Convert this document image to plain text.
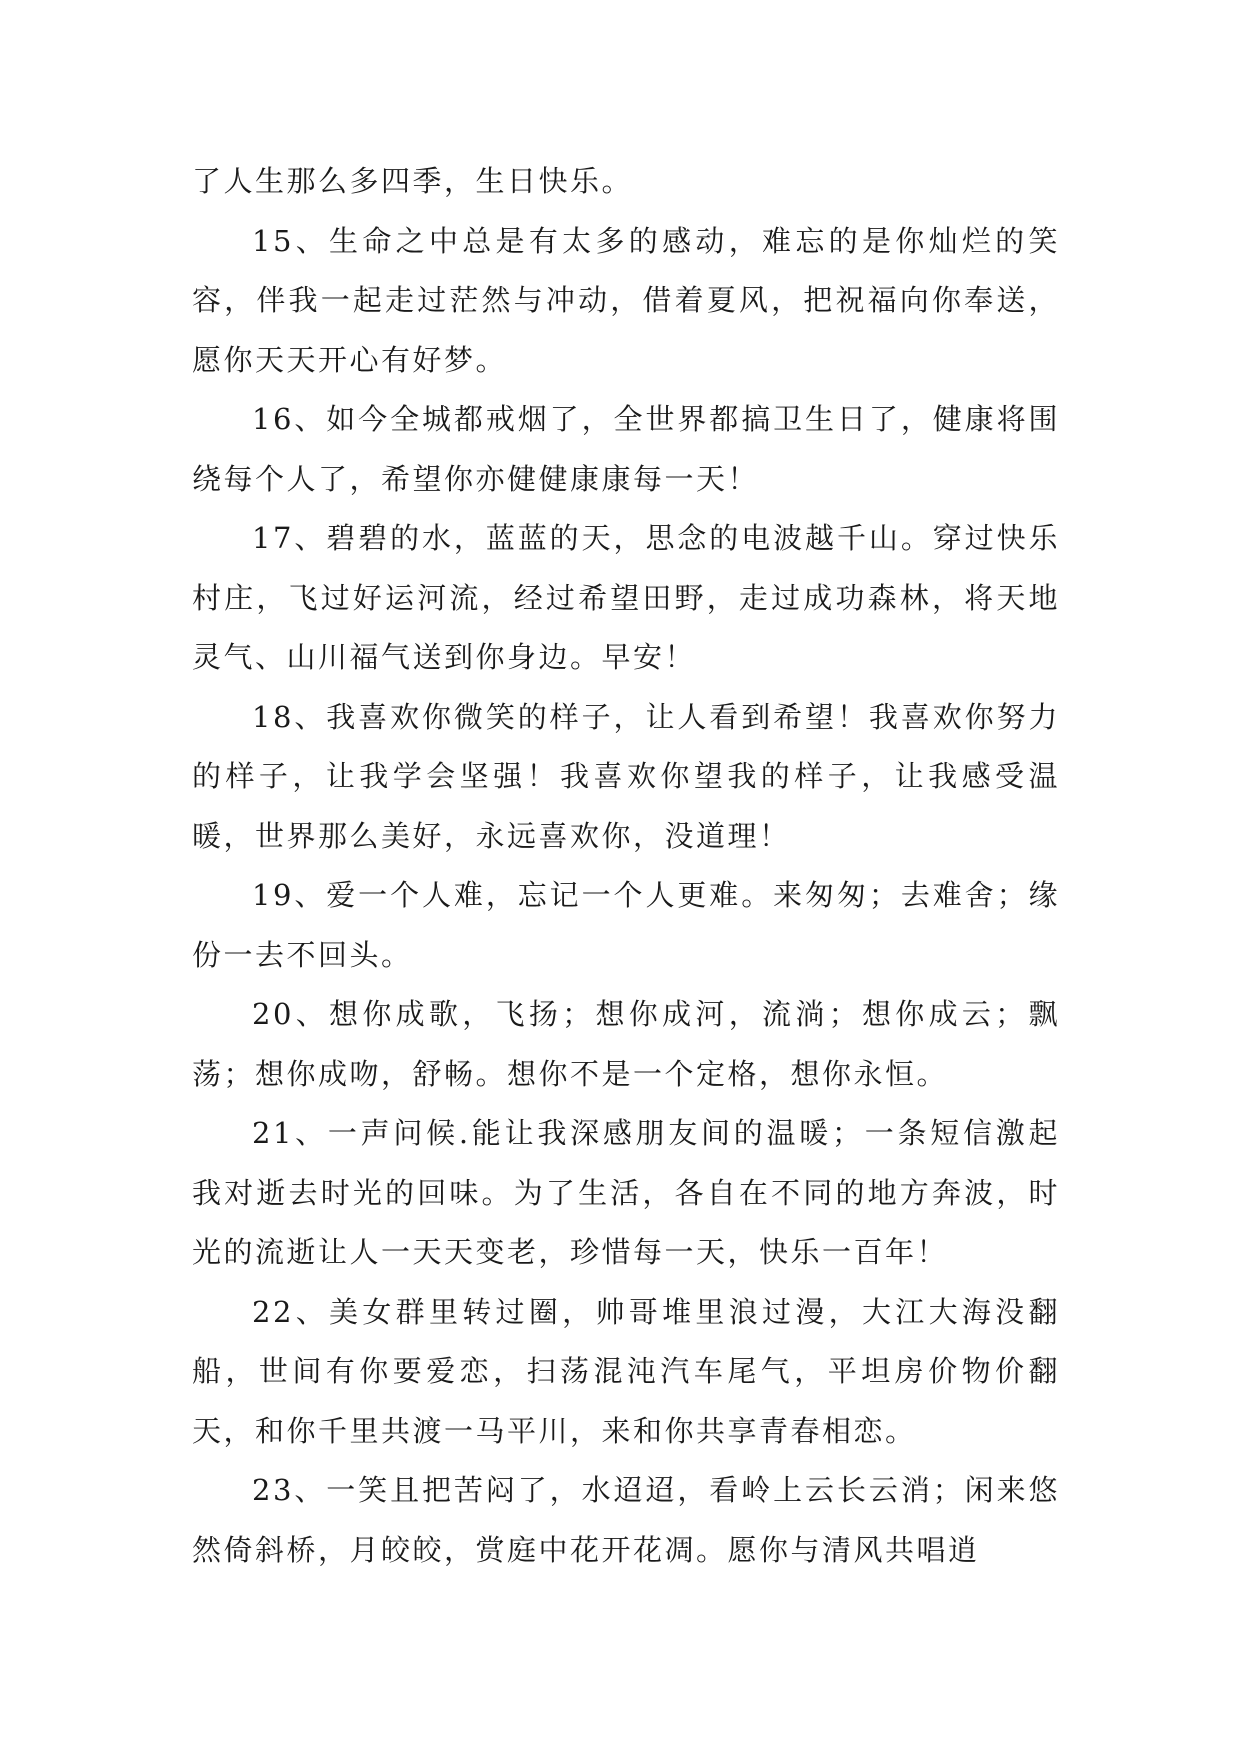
了人生那么多四季，生日快乐。

15、生命之中总是有太多的感动，难忘的是你灿烂的笑容，伴我一起走过茫然与冲动，借着夏风，把祝福向你奉送，愿你天天开心有好梦。

16、如今全城都戒烟了，全世界都搞卫生日了，健康将围绕每个人了，希望你亦健健康康每一天！

17、碧碧的水，蓝蓝的天，思念的电波越千山。穿过快乐村庄，飞过好运河流，经过希望田野，走过成功森林，将天地灵气、山川福气送到你身边。早安！

18、我喜欢你微笑的样子，让人看到希望！我喜欢你努力的样子，让我学会坚强！我喜欢你望我的样子，让我感受温暖，世界那么美好，永远喜欢你，没道理！

19、爱一个人难，忘记一个人更难。来匆匆；去难舍；缘份一去不回头。

20、想你成歌，飞扬；想你成河，流淌；想你成云；飘荡；想你成吻，舒畅。想你不是一个定格，想你永恒。

21、一声问候.能让我深感朋友间的温暖；一条短信激起我对逝去时光的回味。为了生活，各自在不同的地方奔波，时光的流逝让人一天天变老，珍惜每一天，快乐一百年！

22、美女群里转过圈，帅哥堆里浪过漫，大江大海没翻船，世间有你要爱恋，扫荡混沌汽车尾气，平坦房价物价翻天，和你千里共渡一马平川，来和你共享青春相恋。

23、一笑且把苦闷了，水迢迢，看岭上云长云消；闲来悠然倚斜桥，月皎皎，赏庭中花开花凋。愿你与清风共唱逍
